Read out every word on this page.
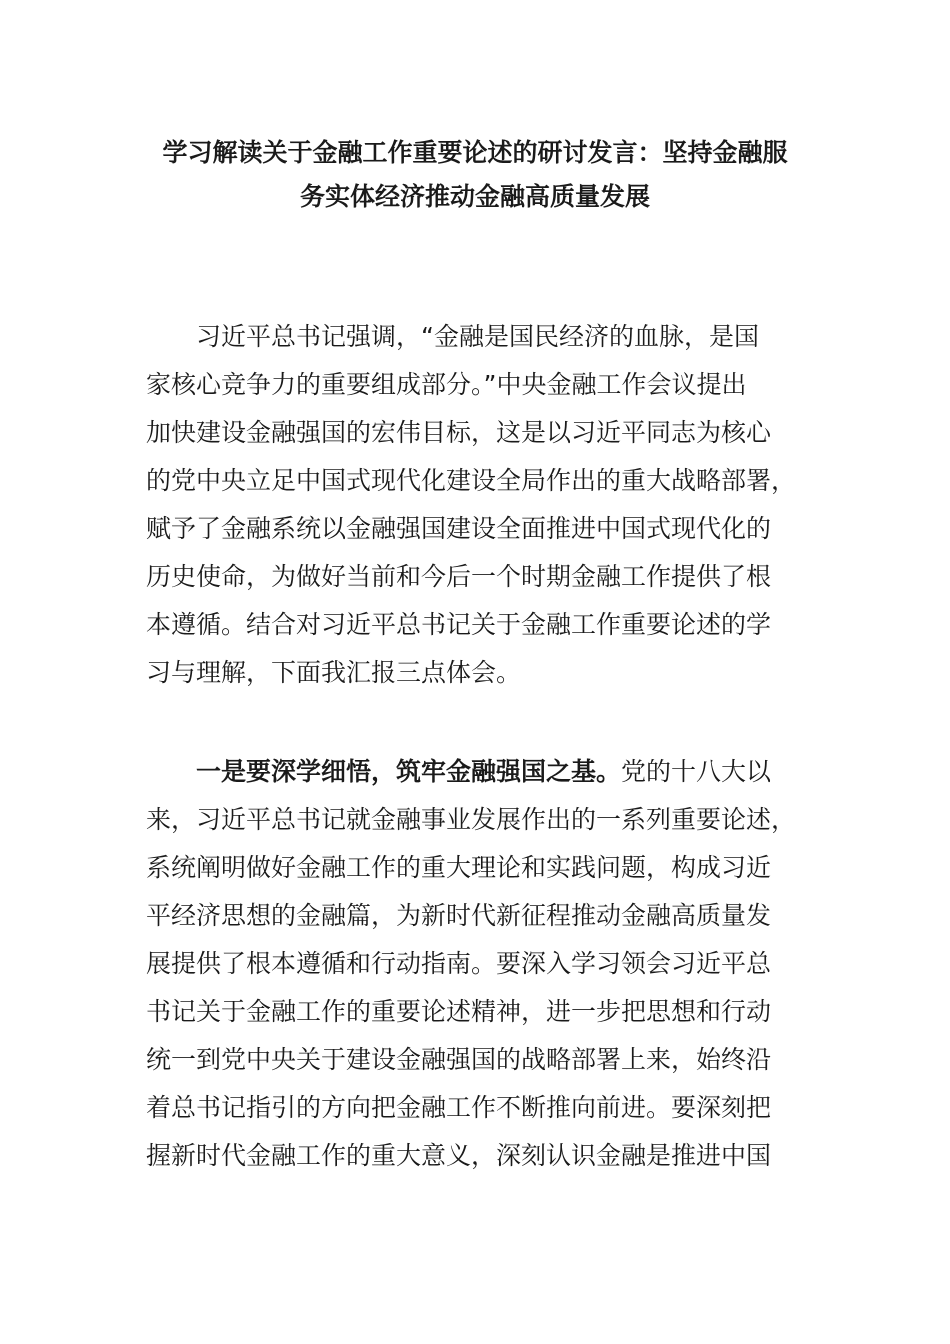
学习解读关于金融工作重要论述的研讨发言：坚持金融服
务实体经济推动金融高质量发展

习近平总书记强调，“金融是国民经济的血脉，是国
家核心竞争力的重要组成部分。”中央金融工作会议提出
加快建设金融强国的宏伟目标，这是以习近平同志为核心
的党中央立足中国式现代化建设全局作出的重大战略部署，
赋予了金融系统以金融强国建设全面推进中国式现代化的
历史使命，为做好当前和今后一个时期金融工作提供了根
本遵循。结合对习近平总书记关于金融工作重要论述的学
习与理解，下面我汇报三点体会。

一是要深学细悟，筑牢金融强国之基。党的十八大以
来，习近平总书记就金融事业发展作出的一系列重要论述，
系统阐明做好金融工作的重大理论和实践问题，构成习近
平经济思想的金融篇，为新时代新征程推动金融高质量发
展提供了根本遵循和行动指南。要深入学习领会习近平总
书记关于金融工作的重要论述精神，进一步把思想和行动
统一到党中央关于建设金融强国的战略部署上来，始终沿
着总书记指引的方向把金融工作不断推向前进。要深刻把
握新时代金融工作的重大意义，深刻认识金融是推进中国
